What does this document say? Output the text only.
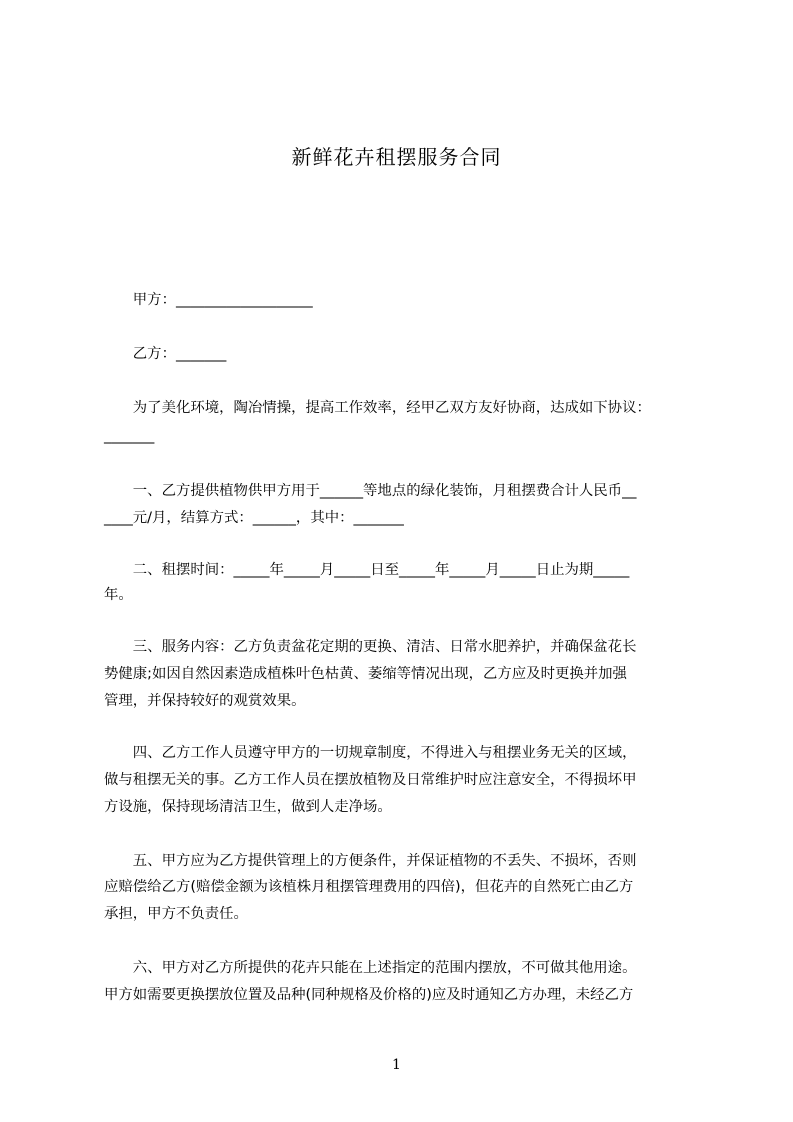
新鲜花卉租摆服务合同
　　甲方：___________________
　　乙方：_______
　　为了美化环境，陶冶情操，提高工作效率，经甲乙双方友好协商，达成如下协议：
_______
　　一、乙方提供植物供甲方用于______等地点的绿化装饰，月租摆费合计人民币__
____元/月，结算方式：______，其中：_______
　　二、租摆时间：_____年_____月_____日至_____年_____月_____日止为期_____
年。
　　三、服务内容：乙方负责盆花定期的更换、清洁、日常水肥养护，并确保盆花长
势健康;如因自然因素造成植株叶色枯黄、萎缩等情况出现，乙方应及时更换并加强
管理，并保持较好的观赏效果。
　　四、乙方工作人员遵守甲方的一切规章制度，不得进入与租摆业务无关的区域，
做与租摆无关的事。乙方工作人员在摆放植物及日常维护时应注意安全，不得损坏甲
方设施，保持现场清洁卫生，做到人走净场。
　　五、甲方应为乙方提供管理上的方便条件，并保证植物的不丢失、不损坏，否则
应赔偿给乙方(赔偿金额为该植株月租摆管理费用的四倍)，但花卉的自然死亡由乙方
承担，甲方不负责任。
　　六、甲方对乙方所提供的花卉只能在上述指定的范围内摆放，不可做其他用途。
甲方如需要更换摆放位置及品种(同种规格及价格的)应及时通知乙方办理，未经乙方
1
